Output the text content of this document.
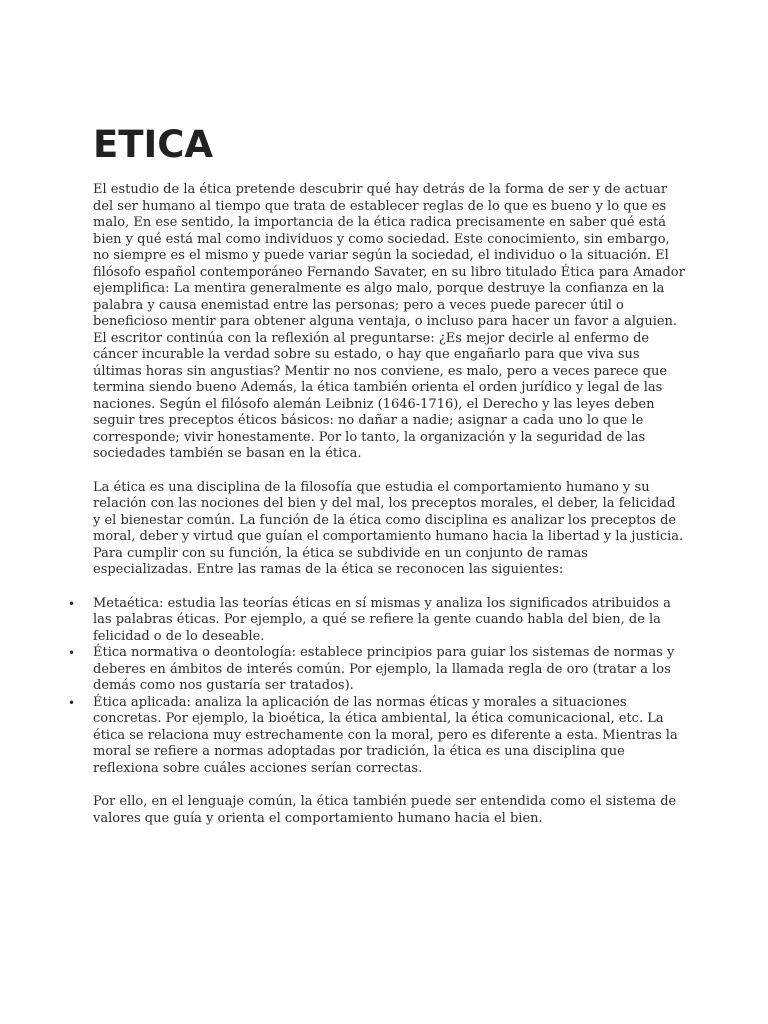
ETICA

El estudio de la ética pretende descubrir qué hay detrás de la forma de ser y de actuar del ser humano al tiempo que trata de establecer reglas de lo que es bueno y lo que es malo, En ese sentido, la importancia de la ética radica precisamente en saber qué está bien y qué está mal como individuos y como sociedad. Este conocimiento, sin embargo, no siempre es el mismo y puede variar según la sociedad, el individuo o la situación. El filósofo español contemporáneo Fernando Savater, en su libro titulado Ética para Amador ejemplifica: La mentira generalmente es algo malo, porque destruye la confianza en la palabra y causa enemistad entre las personas; pero a veces puede parecer útil o beneficioso mentir para obtener alguna ventaja, o incluso para hacer un favor a alguien. El escritor continúa con la reflexión al preguntarse: ¿Es mejor decirle al enfermo de cáncer incurable la verdad sobre su estado, o hay que engañarlo para que viva sus últimas horas sin angustias? Mentir no nos conviene, es malo, pero a veces parece que termina siendo bueno Además, la ética también orienta el orden jurídico y legal de las naciones. Según el filósofo alemán Leibniz (1646-1716), el Derecho y las leyes deben seguir tres preceptos éticos básicos: no dañar a nadie; asignar a cada uno lo que le corresponde; vivir honestamente. Por lo tanto, la organización y la seguridad de las sociedades también se basan en la ética.

La ética es una disciplina de la filosofía que estudia el comportamiento humano y su relación con las nociones del bien y del mal, los preceptos morales, el deber, la felicidad y el bienestar común. La función de la ética como disciplina es analizar los preceptos de moral, deber y virtud que guían el comportamiento humano hacia la libertad y la justicia. Para cumplir con su función, la ética se subdivide en un conjunto de ramas especializadas. Entre las ramas de la ética se reconocen las siguientes:

• Metaética: estudia las teorías éticas en sí mismas y analiza los significados atribuidos a las palabras éticas. Por ejemplo, a qué se refiere la gente cuando habla del bien, de la felicidad o de lo deseable.
• Ética normativa o deontología: establece principios para guiar los sistemas de normas y deberes en ámbitos de interés común. Por ejemplo, la llamada regla de oro (tratar a los demás como nos gustaría ser tratados).
• Ética aplicada: analiza la aplicación de las normas éticas y morales a situaciones concretas. Por ejemplo, la bioética, la ética ambiental, la ética comunicacional, etc. La ética se relaciona muy estrechamente con la moral, pero es diferente a esta. Mientras la moral se refiere a normas adoptadas por tradición, la ética es una disciplina que reflexiona sobre cuáles acciones serían correctas.

Por ello, en el lenguaje común, la ética también puede ser entendida como el sistema de valores que guía y orienta el comportamiento humano hacia el bien.
